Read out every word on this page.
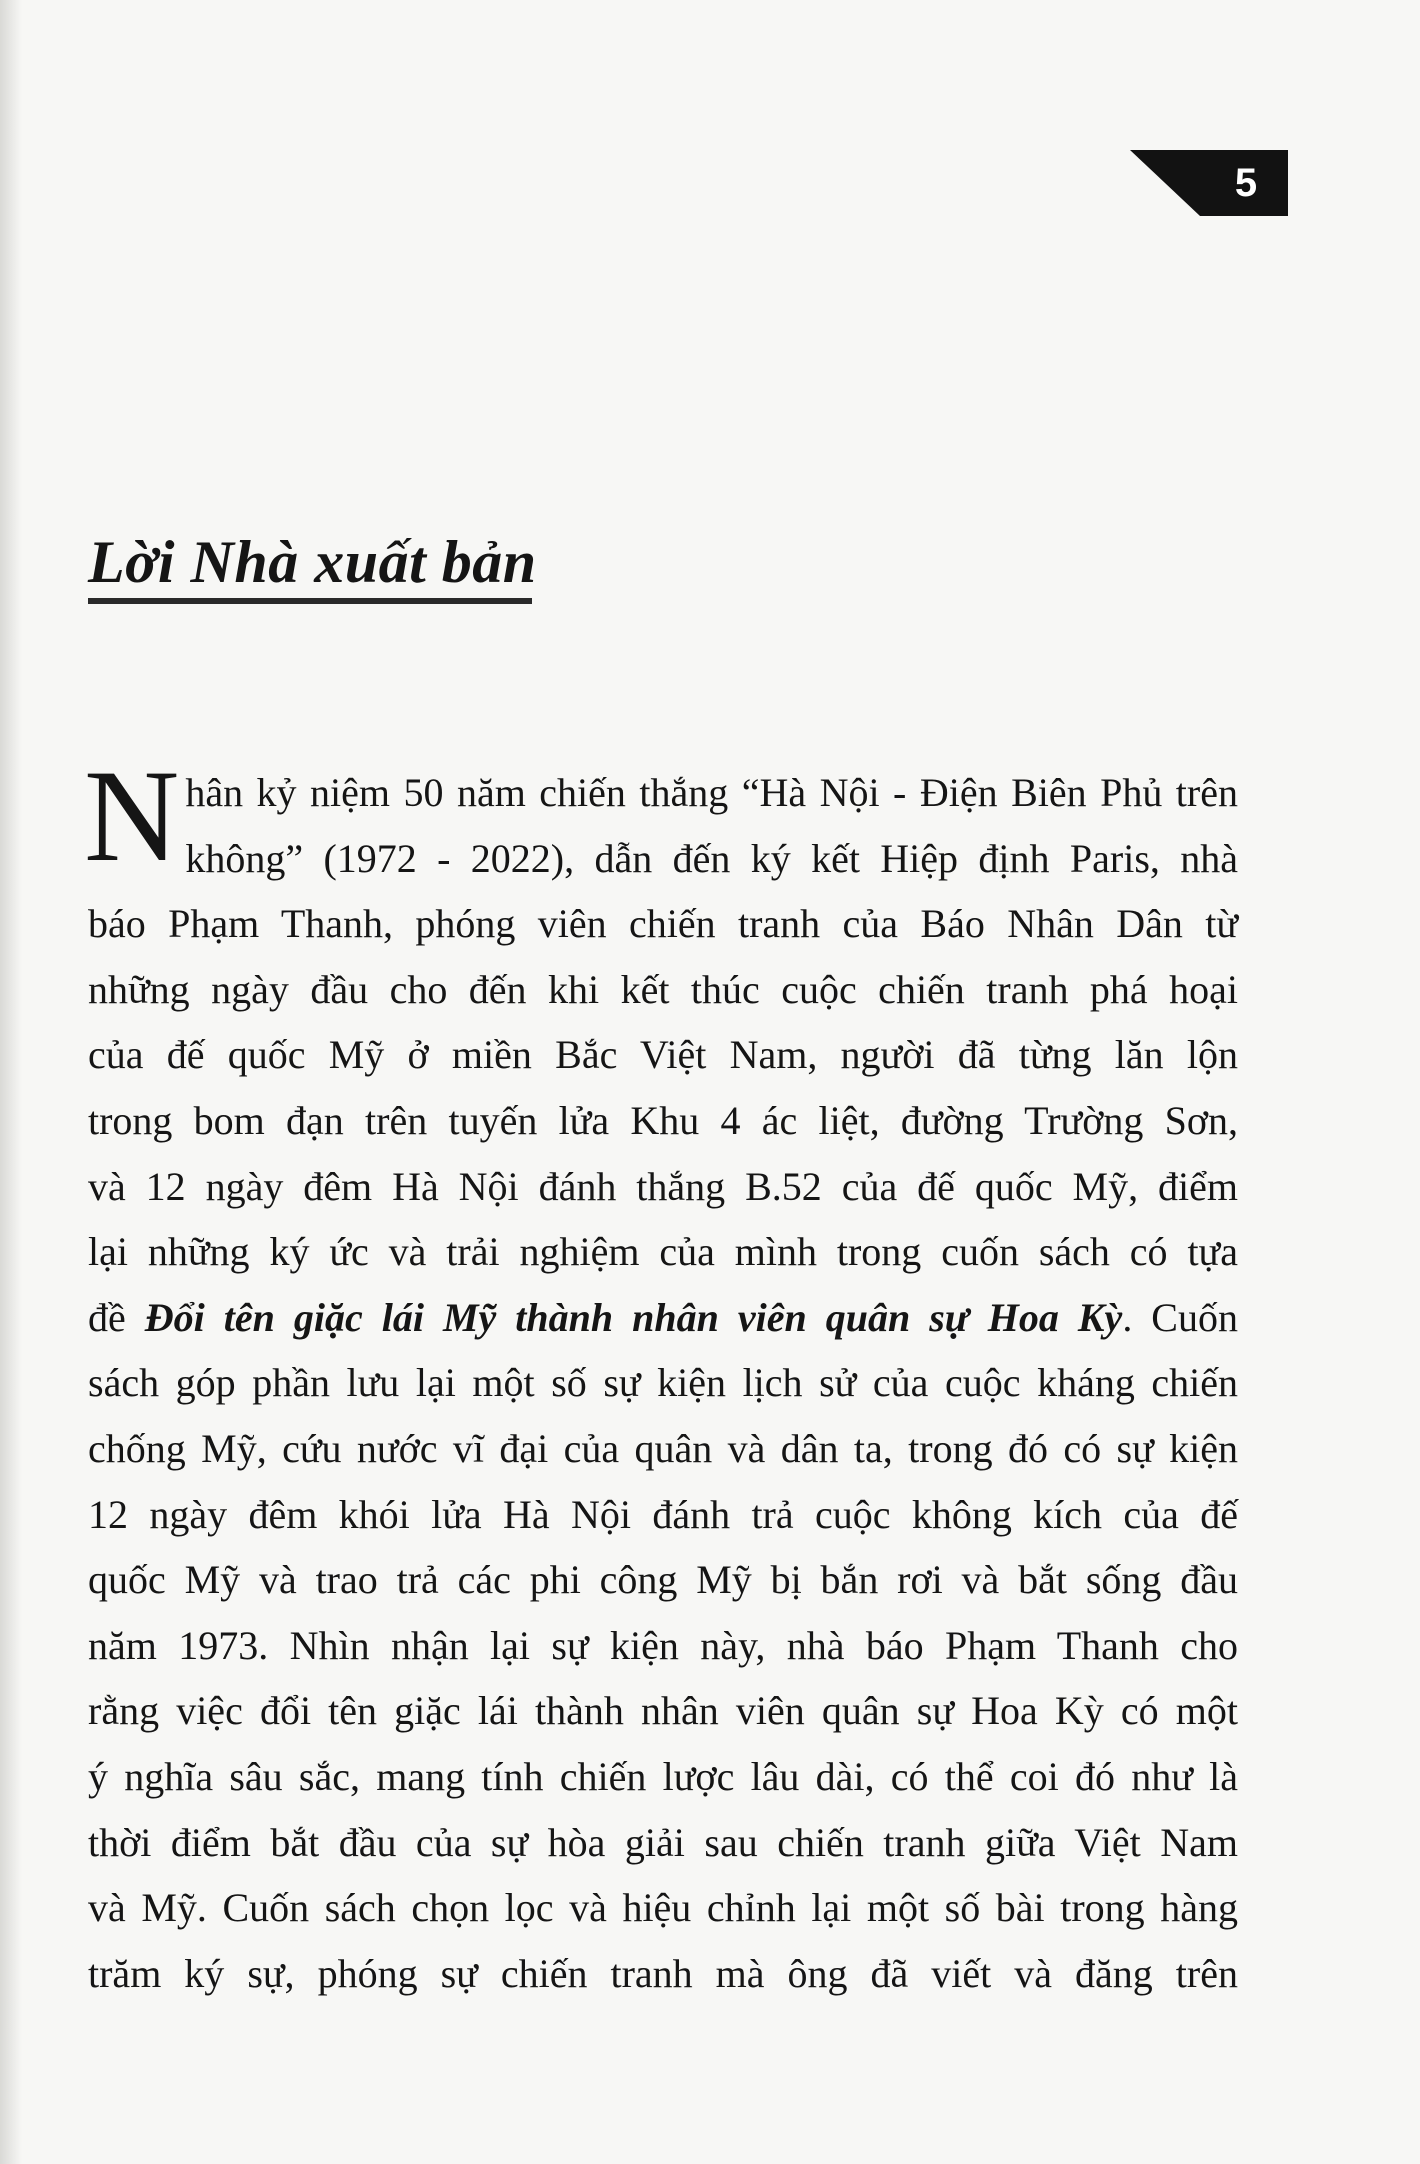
5
Lời Nhà xuất bản
N hân kỷ niệm 50 năm chiến thắng “Hà Nội - Điện Biên Phủ trên
không” (1972 - 2022), dẫn đến ký kết Hiệp định Paris, nhà
báo Phạm Thanh, phóng viên chiến tranh của Báo Nhân Dân từ
những ngày đầu cho đến khi kết thúc cuộc chiến tranh phá hoại
của đế quốc Mỹ ở miền Bắc Việt Nam, người đã từng lăn lộn
trong bom đạn trên tuyến lửa Khu 4 ác liệt, đường Trường Sơn,
và 12 ngày đêm Hà Nội đánh thắng B.52 của đế quốc Mỹ, điểm
lại những ký ức và trải nghiệm của mình trong cuốn sách có tựa
đề Đổi tên giặc lái Mỹ thành nhân viên quân sự Hoa Kỳ. Cuốn
sách góp phần lưu lại một số sự kiện lịch sử của cuộc kháng chiến
chống Mỹ, cứu nước vĩ đại của quân và dân ta, trong đó có sự kiện
12 ngày đêm khói lửa Hà Nội đánh trả cuộc không kích của đế
quốc Mỹ và trao trả các phi công Mỹ bị bắn rơi và bắt sống đầu
năm 1973. Nhìn nhận lại sự kiện này, nhà báo Phạm Thanh cho
rằng việc đổi tên giặc lái thành nhân viên quân sự Hoa Kỳ có một
ý nghĩa sâu sắc, mang tính chiến lược lâu dài, có thể coi đó như là
thời điểm bắt đầu của sự hòa giải sau chiến tranh giữa Việt Nam
và Mỹ. Cuốn sách chọn lọc và hiệu chỉnh lại một số bài trong hàng
trăm ký sự, phóng sự chiến tranh mà ông đã viết và đăng trên
